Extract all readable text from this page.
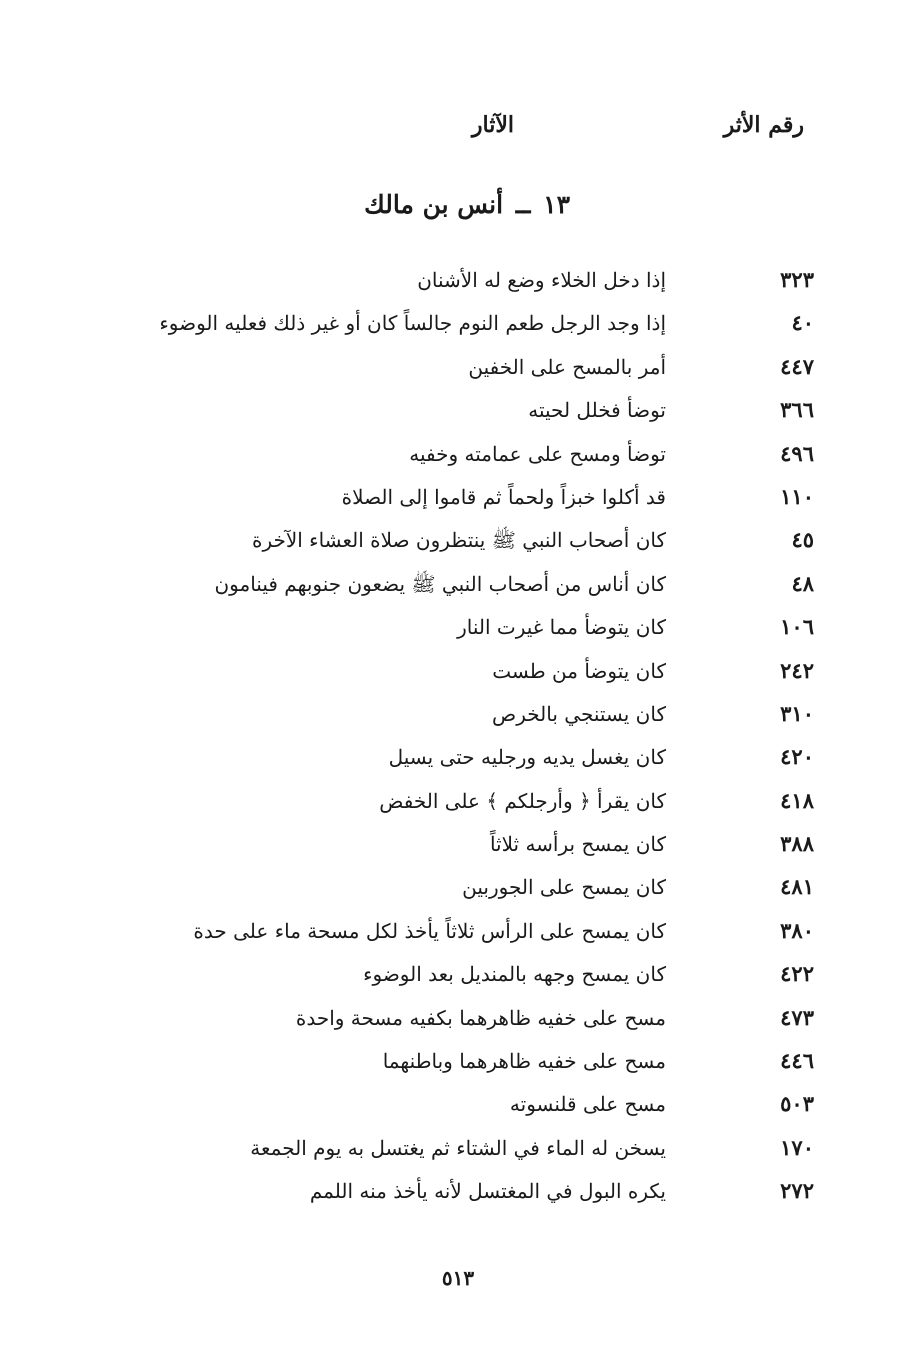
رقم الأثر
الآثار
١٣ ــ أنس بن مالك
٣٢٣
إذا دخل الخلاء وضع له الأشنان
٤٠
إذا وجد الرجل طعم النوم جالساً كان أو غير ذلك فعليه الوضوء
٤٤٧
أمر بالمسح على الخفين
٣٦٦
توضأ فخلل لحيته
٤٩٦
توضأ ومسح على عمامته وخفيه
١١٠
قد أكلوا خبزاً ولحماً ثم قاموا إلى الصلاة
٤٥
كان أصحاب النبي ﷺ ينتظرون صلاة العشاء الآخرة
٤٨
كان أناس من أصحاب النبي ﷺ يضعون جنوبهم فينامون
١٠٦
كان يتوضأ مما غيرت النار
٢٤٢
كان يتوضأ من طست
٣١٠
كان يستنجي بالخرص
٤٢٠
كان يغسل يديه ورجليه حتى يسيل
٤١٨
كان يقرأ ﴿ وأرجلكم ﴾ على الخفض
٣٨٨
كان يمسح برأسه ثلاثاً
٤٨١
كان يمسح على الجوربين
٣٨٠
كان يمسح على الرأس ثلاثاً يأخذ لكل مسحة ماء على حدة
٤٢٢
كان يمسح وجهه بالمنديل بعد الوضوء
٤٧٣
مسح على خفيه ظاهرهما بكفيه مسحة واحدة
٤٤٦
مسح على خفيه ظاهرهما وباطنهما
٥٠٣
مسح على قلنسوته
١٧٠
يسخن له الماء في الشتاء ثم يغتسل به يوم الجمعة
٢٧٢
يكره البول في المغتسل لأنه يأخذ منه اللمم
٥١٣
